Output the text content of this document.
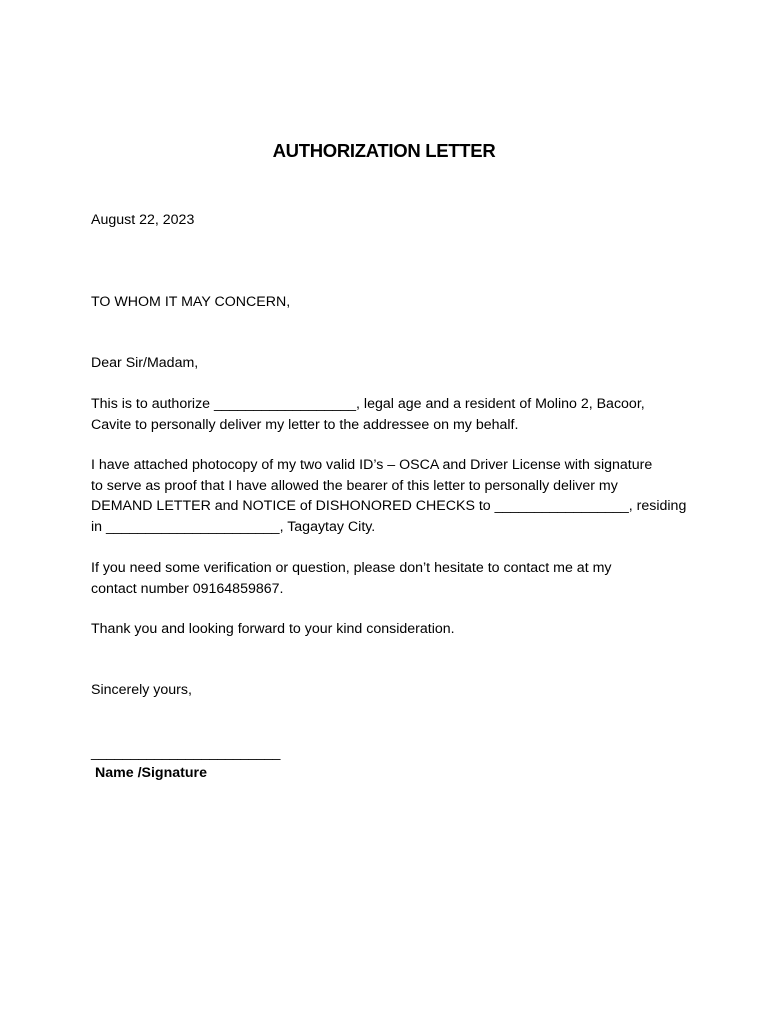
AUTHORIZATION LETTER
August 22, 2023
TO WHOM IT MAY CONCERN,
Dear Sir/Madam,
This is to authorize __________________, legal age and a resident of Molino 2, Bacoor,
Cavite to personally deliver my letter to the addressee on my behalf.
I have attached photocopy of my two valid ID’s – OSCA and Driver License with signature
to serve as proof that I have allowed the bearer of this letter to personally deliver my
DEMAND LETTER and NOTICE of DISHONORED CHECKS to _________________, residing
in ______________________, Tagaytay City.
If you need some verification or question, please don’t hesitate to contact me at my
contact number 09164859867.
Thank you and looking forward to your kind consideration.
Sincerely yours,
________________________
Name /Signature
